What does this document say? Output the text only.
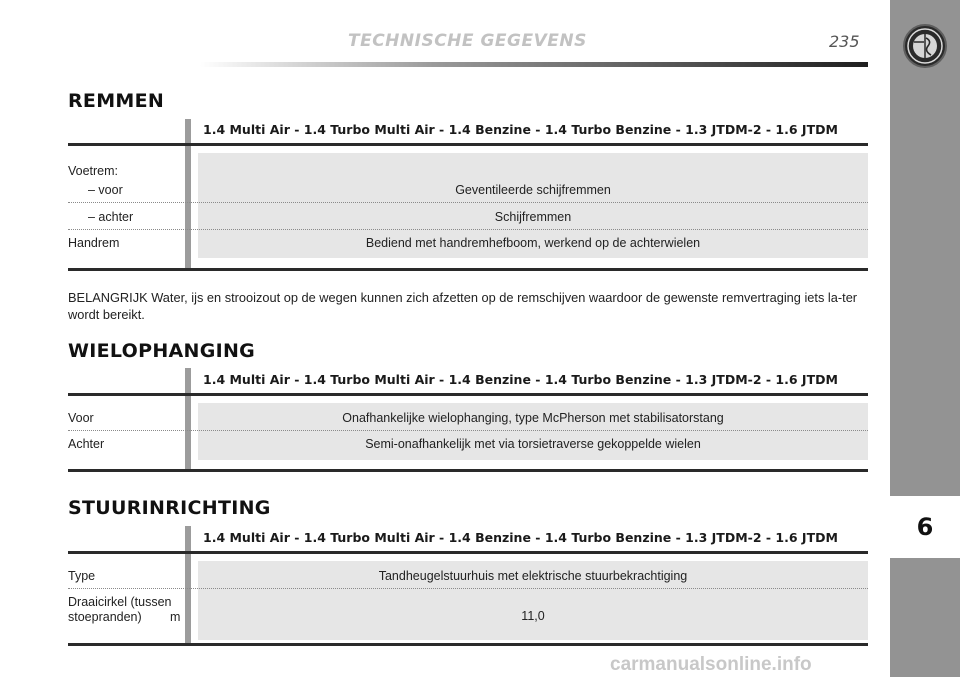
TECHNISCHE GEGEVENS	235
6
REMMEN
1.4 Multi Air - 1.4 Turbo Multi Air - 1.4 Benzine - 1.4 Turbo Benzine - 1.3 JTDM-2 - 1.6 JTDM
Voetrem:
– voor	Geventileerde schijfremmen
– achter	Schijfremmen
Handrem	Bediend met handremhefboom, werkend op de achterwielen
BELANGRIJK Water, ijs en strooizout op de wegen kunnen zich afzetten op de remschijven waardoor de gewenste remvertraging iets la-ter wordt bereikt.
WIELOPHANGING
1.4 Multi Air - 1.4 Turbo Multi Air - 1.4 Benzine - 1.4 Turbo Benzine - 1.3 JTDM-2 - 1.6 JTDM
Voor	Onafhankelijke wielophanging, type McPherson met stabilisatorstang
Achter	Semi-onafhankelijk met via torsietraverse gekoppelde wielen
STUURINRICHTING
1.4 Multi Air - 1.4 Turbo Multi Air - 1.4 Benzine - 1.4 Turbo Benzine - 1.3 JTDM-2 - 1.6 JTDM
Type	Tandheugelstuurhuis met elektrische stuurbekrachtiging
Draaicirkel (tussen
stoepranden) m	11,0
carmanualsonline.info
